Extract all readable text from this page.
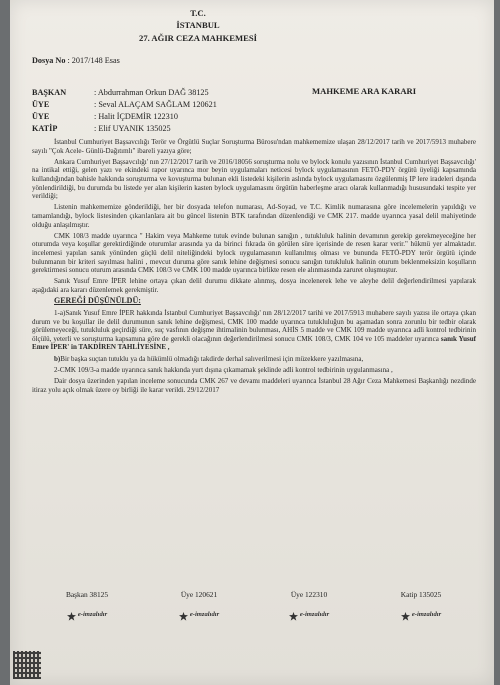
T.C.
İSTANBUL
27. AĞIR CEZA MAHKEMESİ
Dosya No : 2017/148 Esas
MAHKEME ARA KARARI
BAŞKAN	: Abdurrahman Orkun DAĞ 38125
ÜYE	: Seval ALAÇAM SAĞLAM 120621
ÜYE	: Halit İÇDEMİR 122310
KATİP	: Elif UYANIK 135025

İstanbul Cumhuriyet Başsavcılığı Terör ve Örgütlü Suçlar Soruşturma Bürosu'ndan mahkememize ulaşan 28/12/2017 tarih ve 2017/5913 muhabere sayılı "Çok Acele- Günlü-Dağıtımlı" ibareli yazıya göre;

Ankara Cumhuriyet Başsavcılığı' nın 27/12/2017 tarih ve 2016/18056 soruşturma nolu ve bylock konulu yazısının İstanbul Cumhuriyet Başsavcılığı' na intikal ettiği, gelen yazı ve ekindeki rapor uyarınca mor beyin uygulamaları neticesi bylock uygulamasının FETÖ-PDY örgütü üyeliği kapsamında kullandığından bahisle hakkında soruşturma ve kovuşturma bulunan ekli listedeki kişilerin aslında bylock uygulamasını özgülenmiş IP lere iradeleri dışında yönlendirildiği, bu durumda bu listede yer alan kişilerin kasten bylock uygulamasını örgütün haberleşme aracı olarak kullanmadığı hususundaki tespite yer verildiği;

Listenin mahkememize gönderildiği, her bir dosyada telefon numarası, Ad-Soyad, ve T.C. Kimlik numarasına göre incelemelerin yapıldığı ve tamamlandığı, bylock listesinden çıkarılanlara ait bu güncel listenin BTK tarafından düzenlendiği ve CMK 217. madde uyarınca yasal delil mahiyetinde olduğu anlaşılmıştır.

CMK 108/3 madde uyarınca " Hakim veya Mahkeme tutuk evinde bulunan sanığın , tutukluluk halinin devamının gerekip gerekmeyeceğine her oturumda veya koşullar gerektirdiğinde oturumlar arasında ya da birinci fıkrada ön görülen süre içerisinde de resen karar verir." hükmü yer almaktadır. incelemesi yapılan sanık yönünden güçlü delil niteliğindeki bylock uygulamasının kullanılmış olması ve bununda FETÖ-PDY terör örgütü içinde bulunmanın bir kriteri sayılması halini , mevcut duruma göre sanık lehine değişmesi sonucu sanığın tutukluluk halinin oturum beklenmeksizin koşulların gerektirmesi sonucu oturum arasında CMK 108/3 ve CMK 100 madde uyarınca birlikte resen ele alınmasında zaruret oluşmuştur.

Sanık Yusuf Emre İPER lehine ortaya çıkan delil durumu dikkate alınmış, dosya incelenerek lehe ve aleyhe delil değerlendirilmesi yapılarak aşağıdaki ara kararı düzenlemek gerekmiştir.

GEREĞİ DÜŞÜNÜLDÜ:

1-a)Sanık Yusuf Emre İPER hakkında İstanbul Cumhuriyet Başsavcılığı' nın 28/12/2017 tarihi ve 2017/5913 muhabere sayılı yazısı ile ortaya çıkan durum ve bu koşullar ile delil durumunun sanık lehine değişmesi, CMK 100 madde uyarınca tutukluluğun bu aşamadan sonra zorunlu bir tedbir olarak görülemeyeceği, tutukluluk geçirdiği süre, suç vasfının değişme ihtimalinin bulunması, AHİS 5 madde ve CMK 109 madde uyarınca adli kontrol tedbirinin ölçülü, yeterli ve soruşturma kapsamına göre de gerekli olacağının değerlendirilmesi sonucu CMK 108/3, CMK 104 ve 105 maddeler uyarınca sanık Yusuf Emre İPER' in TAKDİREN TAHLİYESİNE ,

b)Bir başka suçtan tutuklu ya da hükümlü olmadığı takdirde derhal salıverilmesi için müzekkere yazılmasına,

2-CMK 109/3-a madde uyarınca sanık hakkında yurt dışına çıkamamak şeklinde adli kontrol tedbirinin uygulanmasına ,

Dair dosya üzerinden yapılan inceleme sonucunda CMK 267 ve devamı maddeleri uyarınca İstanbul 28 Ağır Ceza Mahkemesi Başkanlığı nezdinde itiraz yolu açık olmak üzere oy birliği ile karar verildi. 29/12/2017

Başkan 38125
e-imzalıdır
Üye 120621
e-imzalıdır
Üye 122310
e-imzalıdır
Katip 135025
e-imzalıdır
